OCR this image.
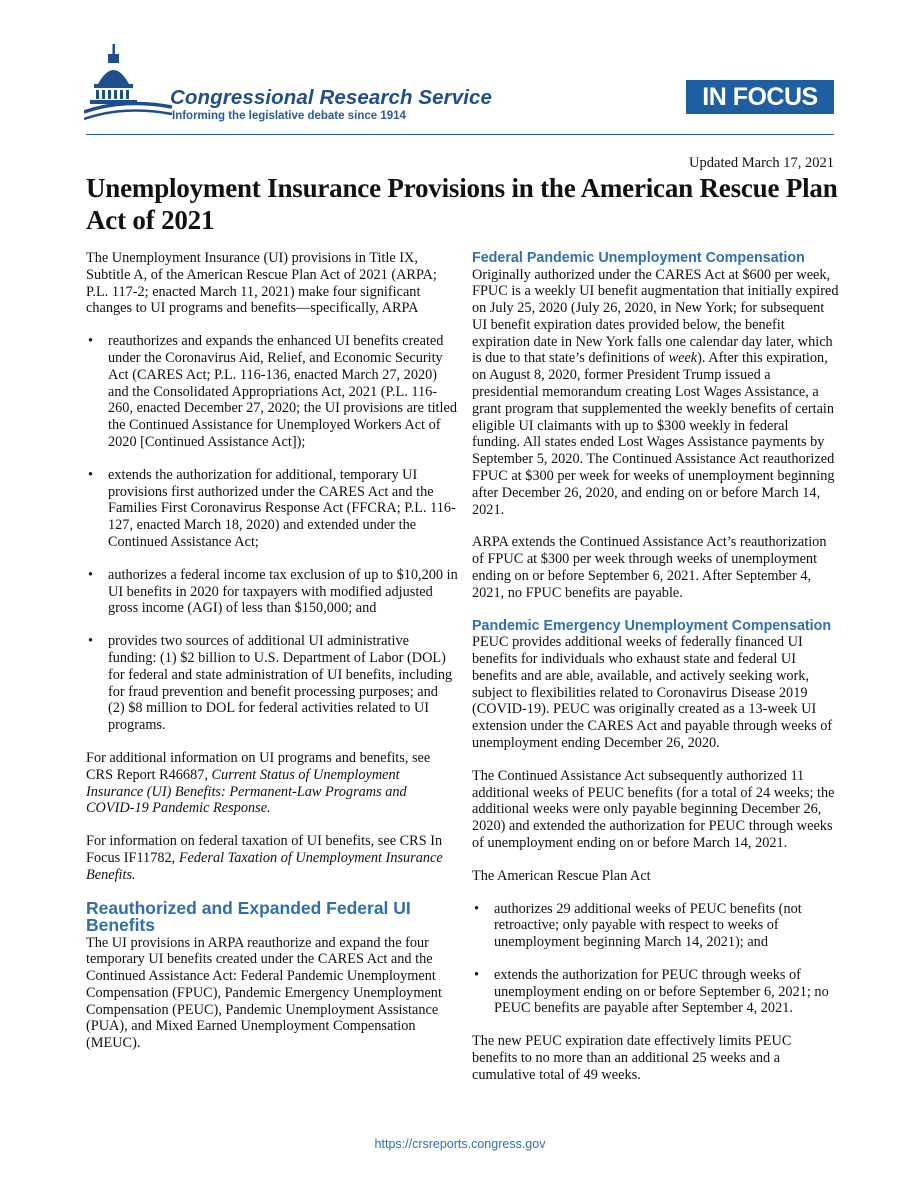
Congressional Research Service
Informing the legislative debate since 1914
IN FOCUS
Updated March 17, 2021
Unemployment Insurance Provisions in the American Rescue Plan Act of 2021

The Unemployment Insurance (UI) provisions in Title IX, Subtitle A, of the American Rescue Plan Act of 2021 (ARPA; P.L. 117-2; enacted March 11, 2021) make four significant changes to UI programs and benefits—specifically, ARPA

• reauthorizes and expands the enhanced UI benefits created under the Coronavirus Aid, Relief, and Economic Security Act (CARES Act; P.L. 116-136, enacted March 27, 2020) and the Consolidated Appropriations Act, 2021 (P.L. 116-260, enacted December 27, 2020; the UI provisions are titled the Continued Assistance for Unemployed Workers Act of 2020 [Continued Assistance Act]);
• extends the authorization for additional, temporary UI provisions first authorized under the CARES Act and the Families First Coronavirus Response Act (FFCRA; P.L. 116-127, enacted March 18, 2020) and extended under the Continued Assistance Act;
• authorizes a federal income tax exclusion of up to $10,200 in UI benefits in 2020 for taxpayers with modified adjusted gross income (AGI) of less than $150,000; and
• provides two sources of additional UI administrative funding: (1) $2 billion to U.S. Department of Labor (DOL) for federal and state administration of UI benefits, including for fraud prevention and benefit processing purposes; and (2) $8 million to DOL for federal activities related to UI programs.

For additional information on UI programs and benefits, see CRS Report R46687, Current Status of Unemployment Insurance (UI) Benefits: Permanent-Law Programs and COVID-19 Pandemic Response.

For information on federal taxation of UI benefits, see CRS In Focus IF11782, Federal Taxation of Unemployment Insurance Benefits.

Reauthorized and Expanded Federal UI Benefits

The UI provisions in ARPA reauthorize and expand the four temporary UI benefits created under the CARES Act and the Continued Assistance Act: Federal Pandemic Unemployment Compensation (FPUC), Pandemic Emergency Unemployment Compensation (PEUC), Pandemic Unemployment Assistance (PUA), and Mixed Earned Unemployment Compensation (MEUC).

Federal Pandemic Unemployment Compensation

Originally authorized under the CARES Act at $600 per week, FPUC is a weekly UI benefit augmentation that initially expired on July 25, 2020 (July 26, 2020, in New York; for subsequent UI benefit expiration dates provided below, the benefit expiration date in New York falls one calendar day later, which is due to that state’s definitions of week). After this expiration, on August 8, 2020, former President Trump issued a presidential memorandum creating Lost Wages Assistance, a grant program that supplemented the weekly benefits of certain eligible UI claimants with up to $300 weekly in federal funding. All states ended Lost Wages Assistance payments by September 5, 2020. The Continued Assistance Act reauthorized FPUC at $300 per week for weeks of unemployment beginning after December 26, 2020, and ending on or before March 14, 2021.

ARPA extends the Continued Assistance Act’s reauthorization of FPUC at $300 per week through weeks of unemployment ending on or before September 6, 2021. After September 4, 2021, no FPUC benefits are payable.

Pandemic Emergency Unemployment Compensation

PEUC provides additional weeks of federally financed UI benefits for individuals who exhaust state and federal UI benefits and are able, available, and actively seeking work, subject to flexibilities related to Coronavirus Disease 2019 (COVID-19). PEUC was originally created as a 13-week UI extension under the CARES Act and payable through weeks of unemployment ending December 26, 2020.

The Continued Assistance Act subsequently authorized 11 additional weeks of PEUC benefits (for a total of 24 weeks; the additional weeks were only payable beginning December 26, 2020) and extended the authorization for PEUC through weeks of unemployment ending on or before March 14, 2021.

The American Rescue Plan Act

• authorizes 29 additional weeks of PEUC benefits (not retroactive; only payable with respect to weeks of unemployment beginning March 14, 2021); and
• extends the authorization for PEUC through weeks of unemployment ending on or before September 6, 2021; no PEUC benefits are payable after September 4, 2021.

The new PEUC expiration date effectively limits PEUC benefits to no more than an additional 25 weeks and a cumulative total of 49 weeks.

https://crsreports.congress.gov
